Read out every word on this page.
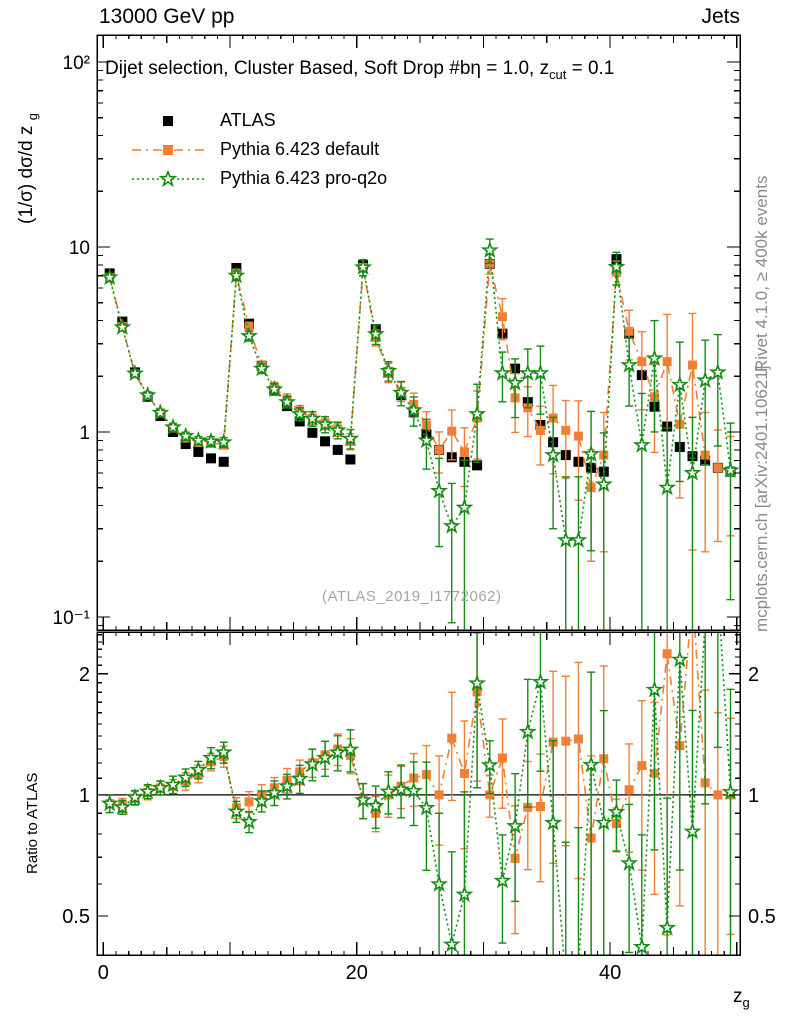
13000 GeV pp	Jets
(1/σ) dσ/d z $_g$
Ratio to ATLAS
Rivet 4.1.0, ≥ 400k events
mcplots.cern.ch [arXiv:2401.10621]
0	20	40
10²
10
1
10⁻¹
2	2
1	1
0.5	0.5
Dijet selection, Cluster Based, Soft Drop #bη = 1.0, $z_{cut} = 0.1$
ATLAS
Pythia 6.423 default
Pythia 6.423 pro-q2o
(ATLAS_2019_I1772062)
$z_g$
